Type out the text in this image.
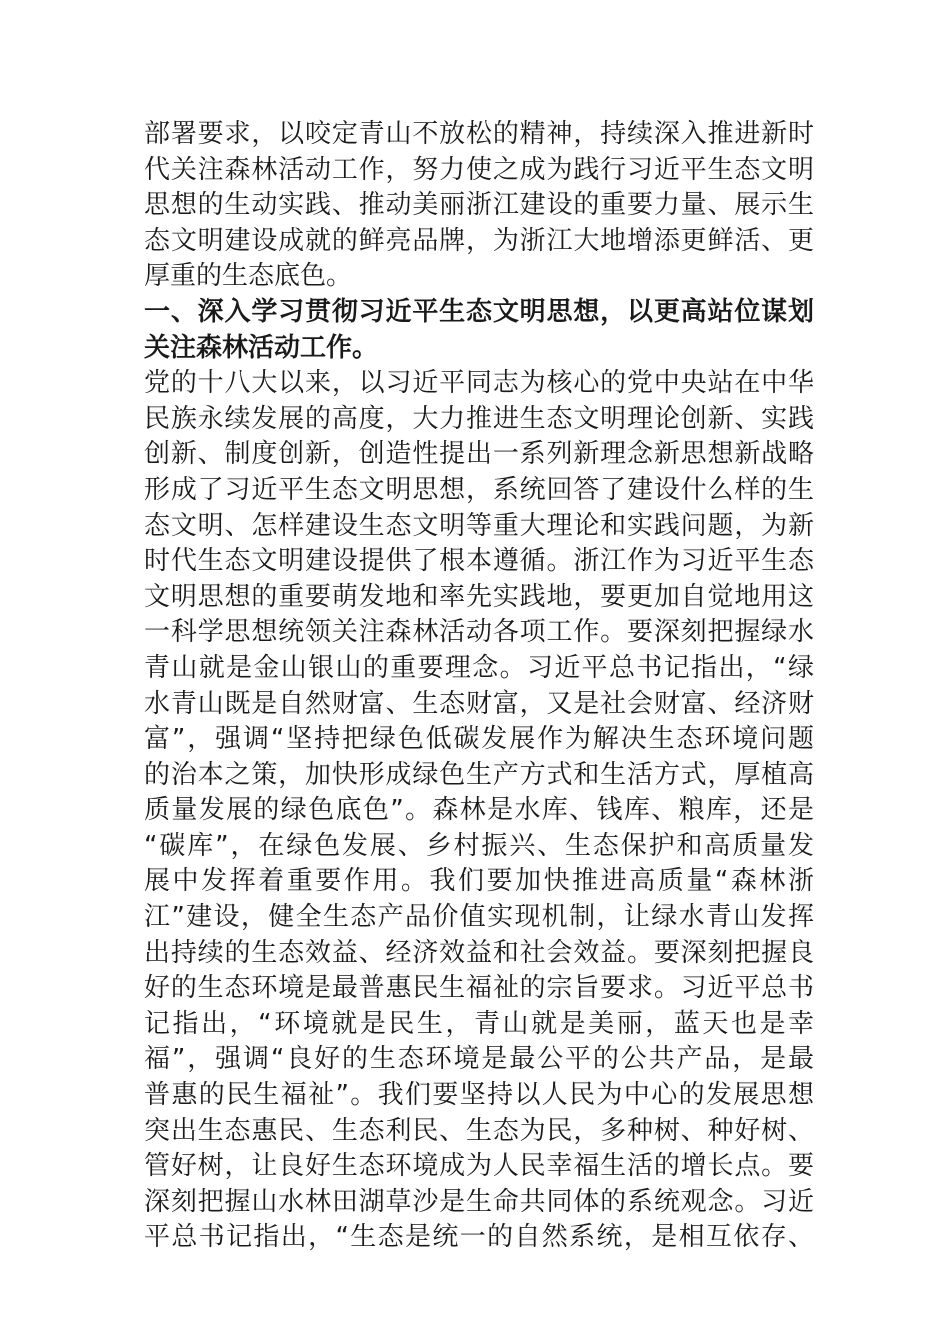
部署要求，以咬定青山不放松的精神，持续深入推进新时
代关注森林活动工作，努力使之成为践行习近平生态文明
思想的生动实践、推动美丽浙江建设的重要力量、展示生
态文明建设成就的鲜亮品牌，为浙江大地增添更鲜活、更
厚重的生态底色。
一、深入学习贯彻习近平生态文明思想，以更高站位谋划
关注森林活动工作。
党的十八大以来，以习近平同志为核心的党中央站在中华
民族永续发展的高度，大力推进生态文明理论创新、实践
创新、制度创新，创造性提出一系列新理念新思想新战略
形成了习近平生态文明思想，系统回答了建设什么样的生
态文明、怎样建设生态文明等重大理论和实践问题，为新
时代生态文明建设提供了根本遵循。浙江作为习近平生态
文明思想的重要萌发地和率先实践地，要更加自觉地用这
一科学思想统领关注森林活动各项工作。要深刻把握绿水
青山就是金山银山的重要理念。习近平总书记指出，“绿
水青山既是自然财富、生态财富，又是社会财富、经济财
富”，强调“坚持把绿色低碳发展作为解决生态环境问题
的治本之策，加快形成绿色生产方式和生活方式，厚植高
质量发展的绿色底色”。森林是水库、钱库、粮库，还是
“碳库”，在绿色发展、乡村振兴、生态保护和高质量发
展中发挥着重要作用。我们要加快推进高质量“森林浙
江”建设，健全生态产品价值实现机制，让绿水青山发挥
出持续的生态效益、经济效益和社会效益。要深刻把握良
好的生态环境是最普惠民生福祉的宗旨要求。习近平总书
记指出，“环境就是民生，青山就是美丽，蓝天也是幸
福”，强调“良好的生态环境是最公平的公共产品，是最
普惠的民生福祉”。我们要坚持以人民为中心的发展思想
突出生态惠民、生态利民、生态为民，多种树、种好树、
管好树，让良好生态环境成为人民幸福生活的增长点。要
深刻把握山水林田湖草沙是生命共同体的系统观念。习近
平总书记指出，“生态是统一的自然系统，是相互依存、
